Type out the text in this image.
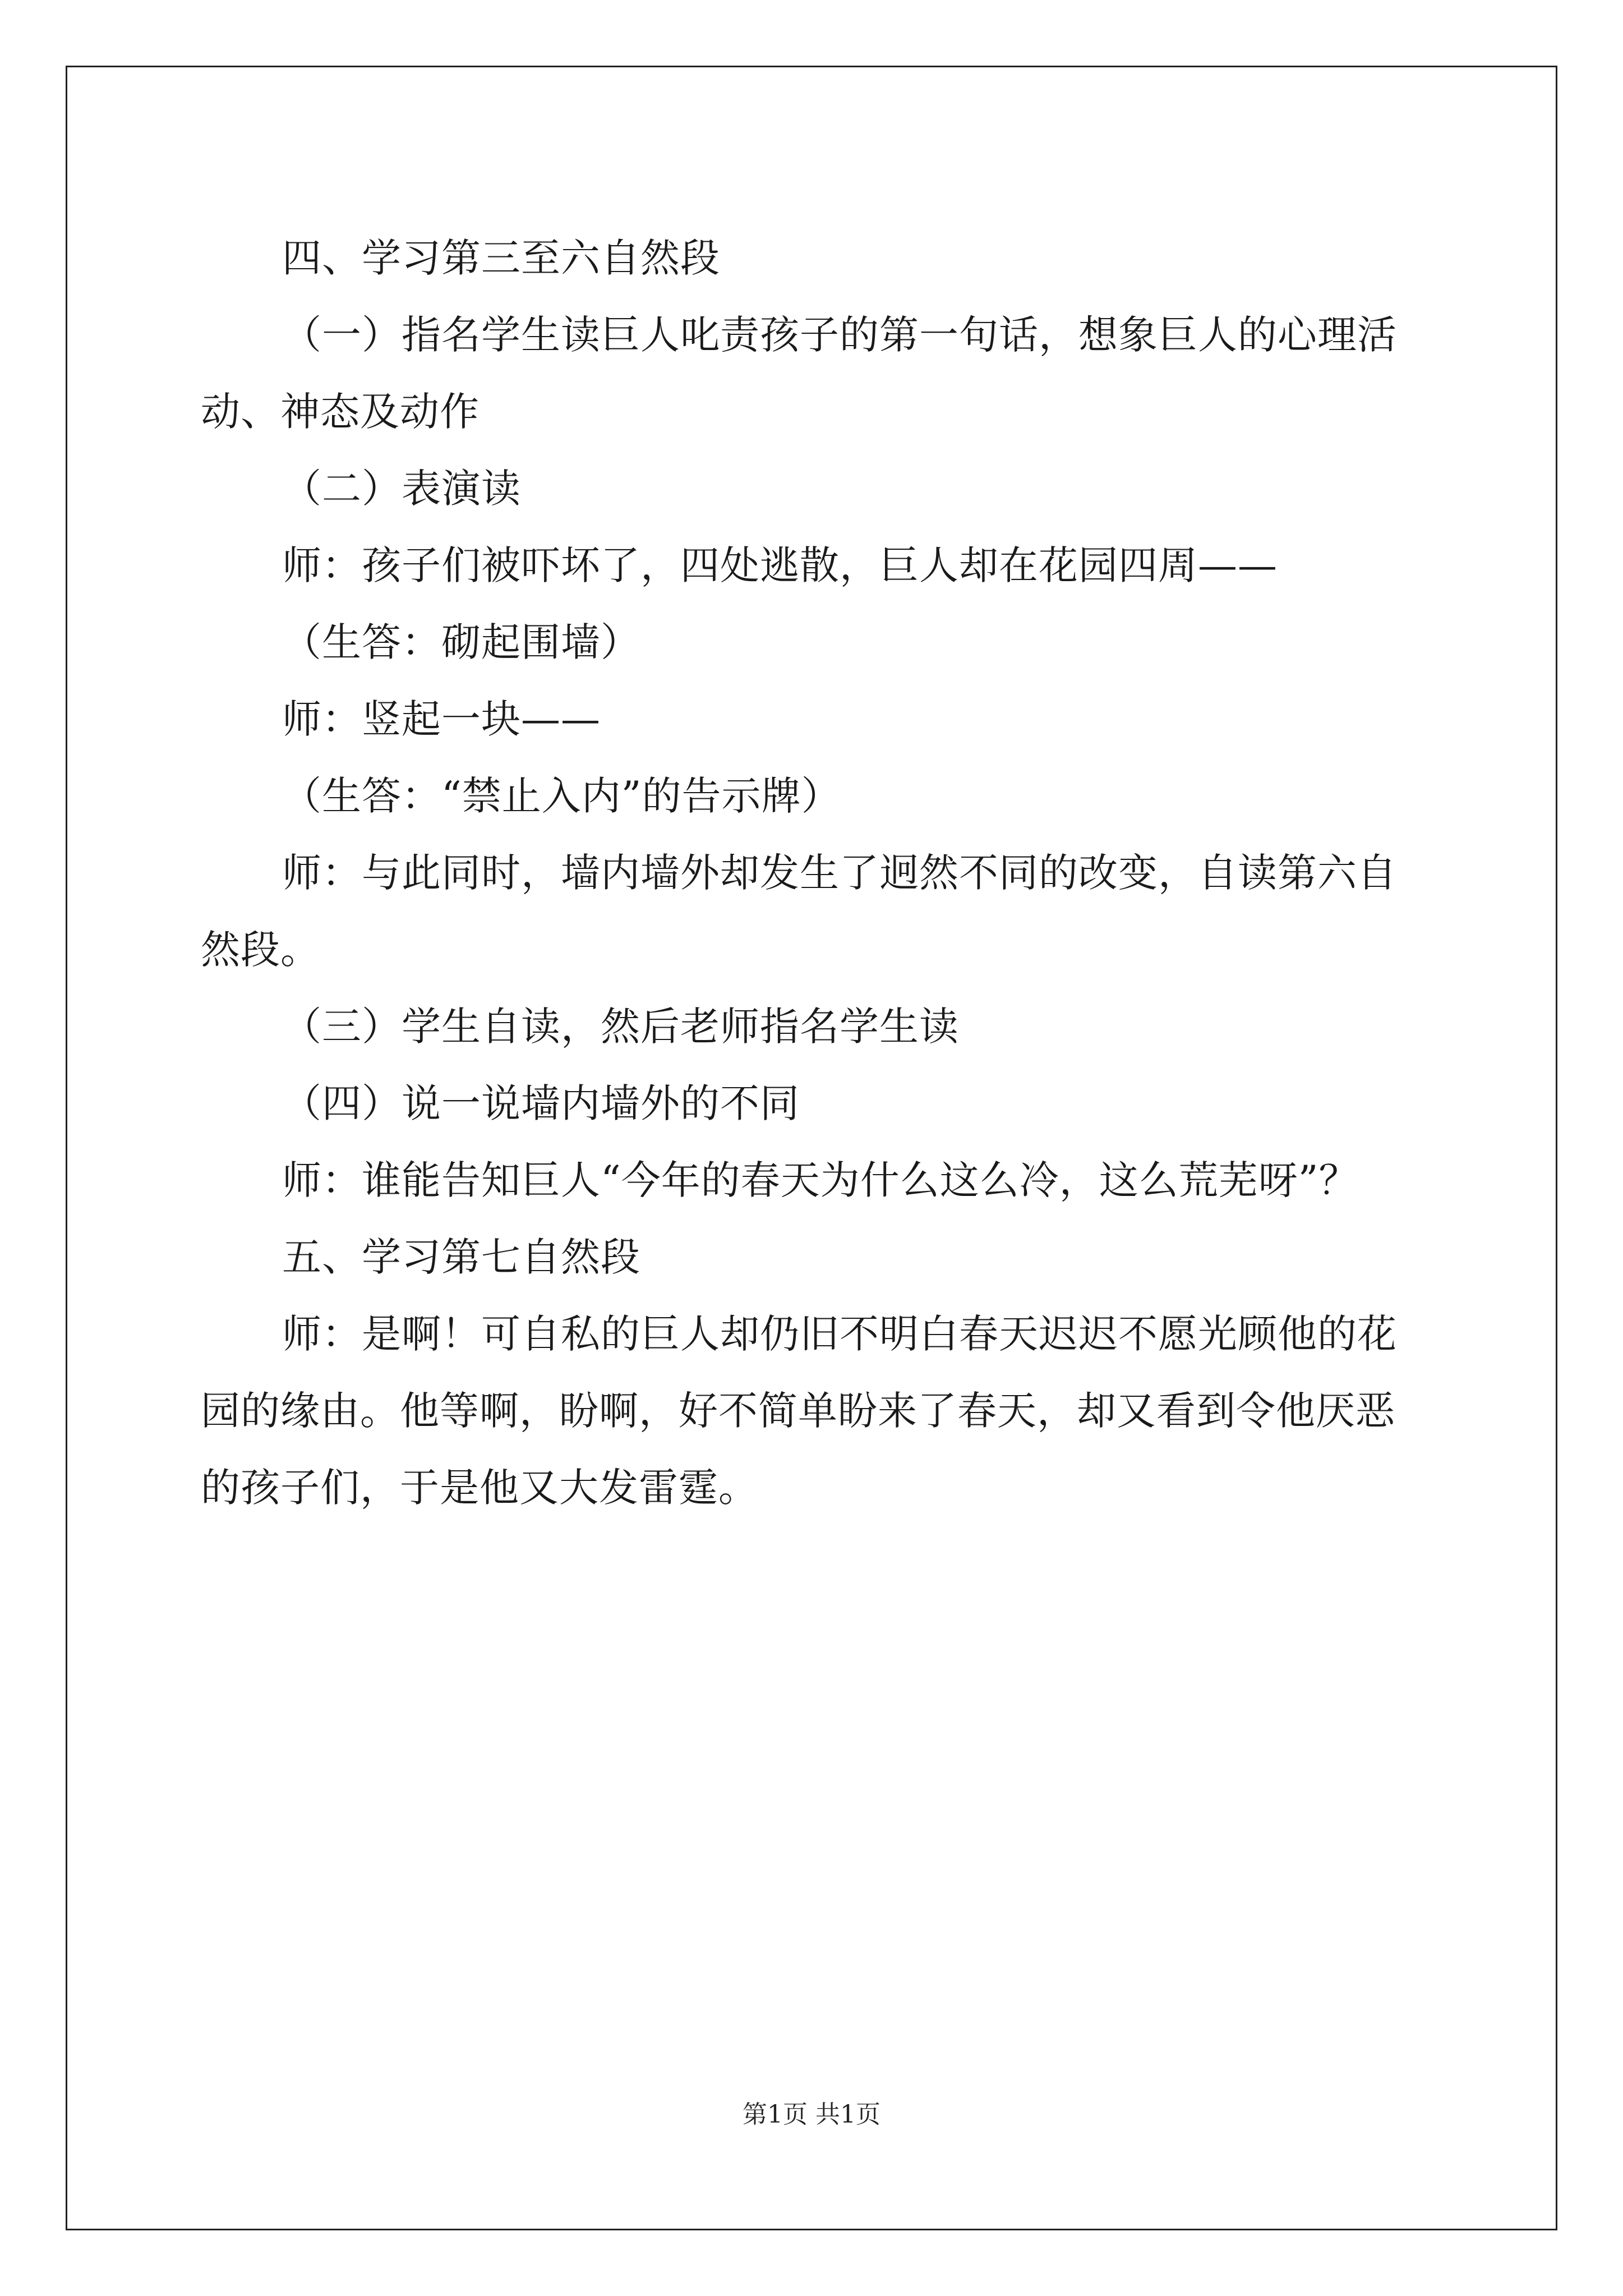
四、学习第三至六自然段

（一）指名学生读巨人叱责孩子的第一句话，想象巨人的心理活动、神态及动作

（二）表演读

师：孩子们被吓坏了，四处逃散，巨人却在花园四周——

（生答：砌起围墙）

师：竖起一块——

（生答：“禁止入内”的告示牌）

师：与此同时，墙内墙外却发生了迥然不同的改变，自读第六自然段。

（三）学生自读，然后老师指名学生读

（四）说一说墙内墙外的不同

师：谁能告知巨人“今年的春天为什么这么冷，这么荒芜呀”？

五、学习第七自然段

师：是啊！可自私的巨人却仍旧不明白春天迟迟不愿光顾他的花园的缘由。他等啊，盼啊，好不简单盼来了春天，却又看到令他厌恶的孩子们，于是他又大发雷霆。

第1页 共1页
